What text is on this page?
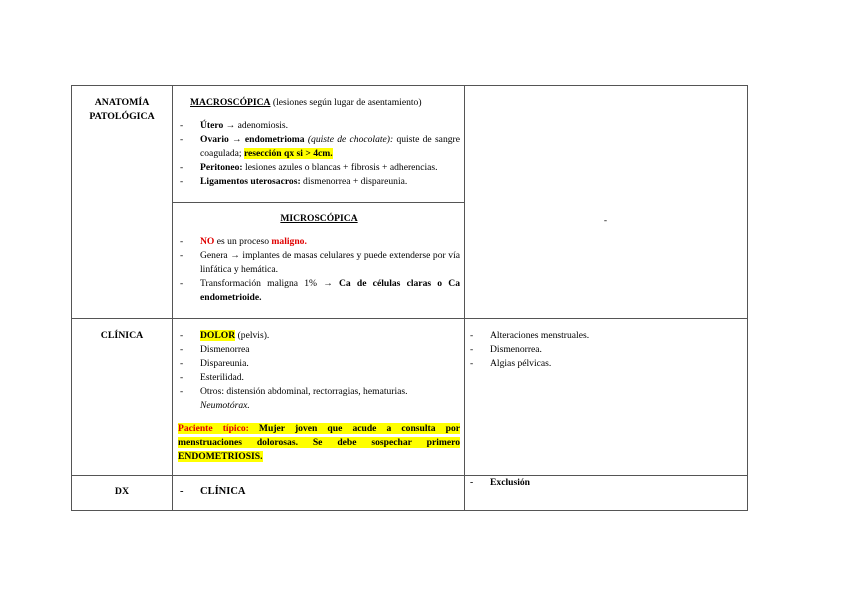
ANATOMÍA
PATOLÓGICA
MACROSCÓPICA (lesiones según lugar de asentamiento)
- Útero → adenomiosis.
- Ovario → endometrioma (quiste de chocolate): quiste de sangre coagulada; resección qx si > 4cm.
- Peritoneo: lesiones azules o blancas + fibrosis + adherencias.
- Ligamentos uterosacros: dismenorrea + dispareunia.
MICROSCÓPICA
- NO es un proceso maligno.
- Genera → implantes de masas celulares y puede extenderse por vía linfática y hemática.
- Transformación maligna 1% → Ca de células claras o Ca endometrioide.
-
CLÍNICA	- DOLOR (pelvis).
- Dismenorrea
- Dispareunia.
- Esterilidad.
- Otros: distensión abdominal, rectorragias, hematurias.
Neumotórax.
Paciente típico: Mujer joven que acude a consulta por menstruaciones dolorosas. Se debe sospechar primero ENDOMETRIOSIS.
- Alteraciones menstruales.
- Dismenorrea.
- Algias pélvicas.
DX	- CLÍNICA
- Exclusión
